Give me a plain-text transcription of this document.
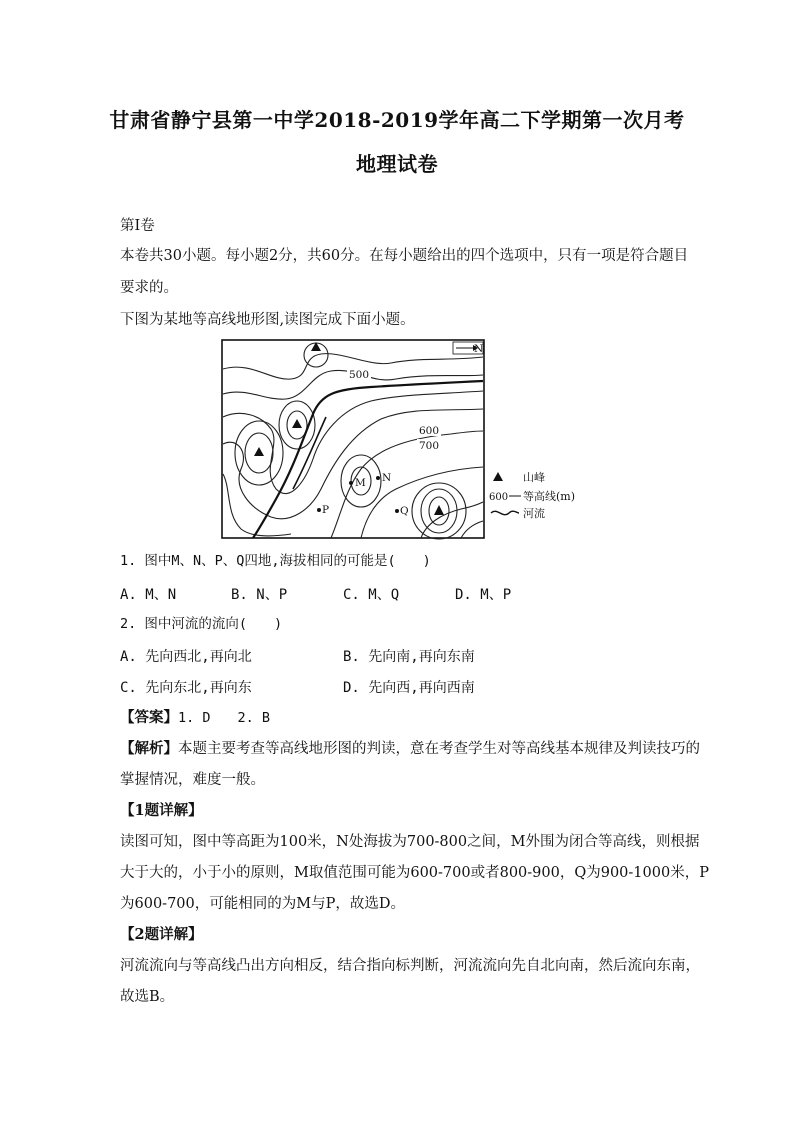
甘肃省静宁县第一中学2018-2019学年高二下学期第一次月考
地理试卷
第Ⅰ卷
本卷共30小题。每小题2分，共60分。在每小题给出的四个选项中，只有一项是符合题目
要求的。
下图为某地等高线地形图,读图完成下面小题。
N
500
600
700
M N
P	Q
山峰
600 等高线(m)
河流
1. 图中M、N、P、Q四地,海拔相同的可能是(　　)
A. M、N	B. N、P	C. M、Q	D. M、P
2. 图中河流的流向(　　)
A. 先向西北,再向北	B. 先向南,再向东南
C. 先向东北,再向东	D. 先向西,再向西南
【答案】1. D　　2. B
【解析】本题主要考查等高线地形图的判读，意在考查学生对等高线基本规律及判读技巧的
掌握情况，难度一般。
【1题详解】
读图可知，图中等高距为100米，N处海拔为700-800之间，M外围为闭合等高线，则根据
大于大的，小于小的原则，M取值范围可能为600-700或者800-900，Q为900-1000米，P
为600-700，可能相同的为M与P，故选D。
【2题详解】
河流流向与等高线凸出方向相反，结合指向标判断，河流流向先自北向南，然后流向东南，
故选B。
